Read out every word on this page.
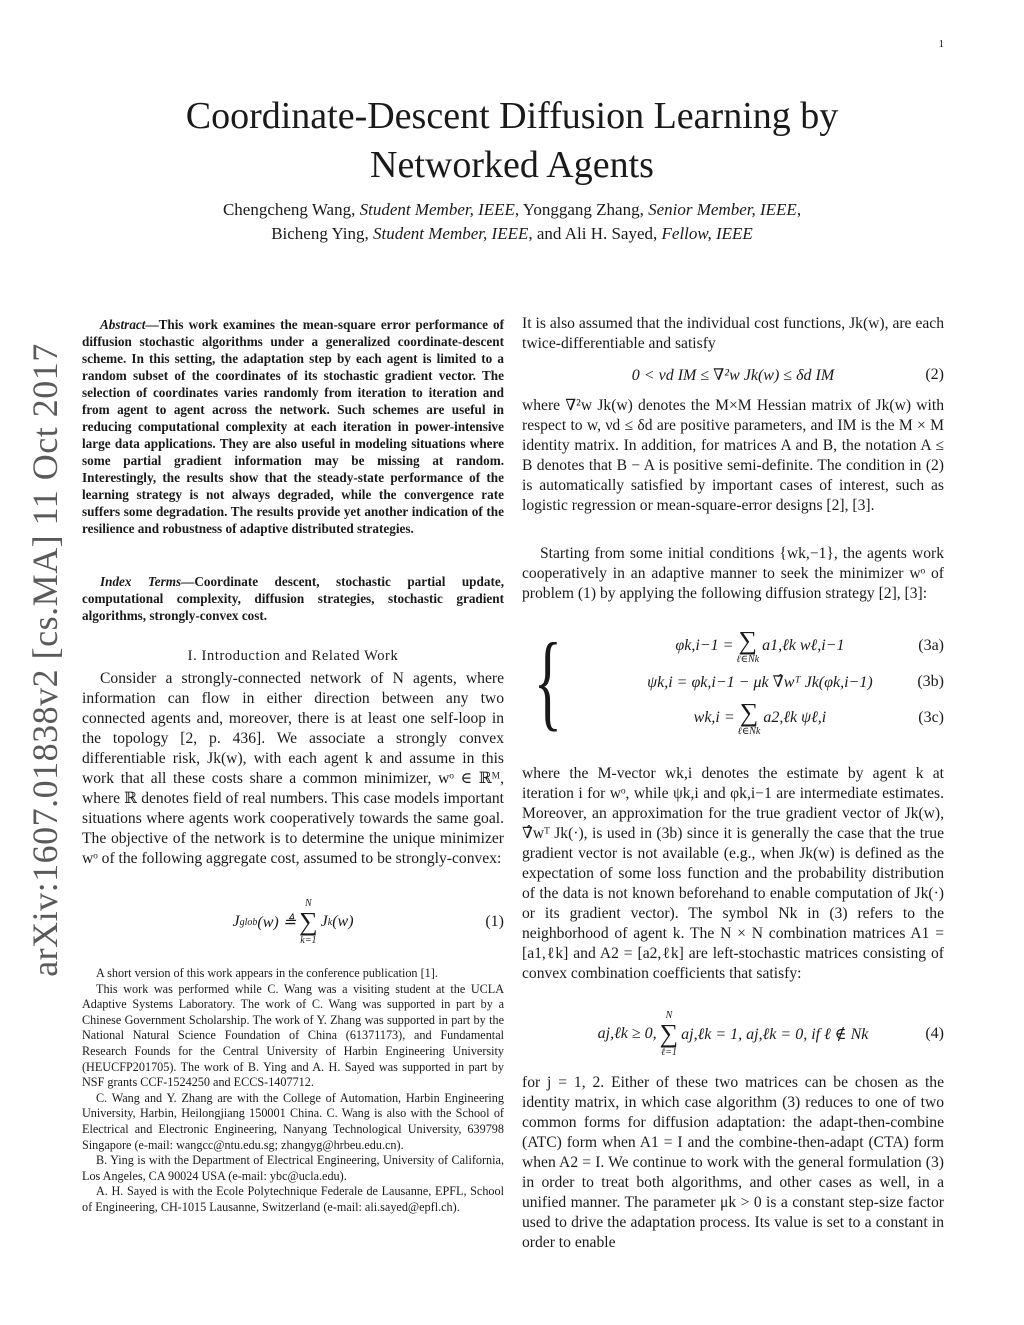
1
arXiv:1607.01838v2 [cs.MA] 11 Oct 2017
Coordinate-Descent Diffusion Learning by
Networked Agents
Chengcheng Wang, Student Member, IEEE, Yonggang Zhang, Senior Member, IEEE,
Bicheng Ying, Student Member, IEEE, and Ali H. Sayed, Fellow, IEEE
Abstract—This work examines the mean-square error performance of diffusion stochastic algorithms under a generalized coordinate-descent scheme. In this setting, the adaptation step by each agent is limited to a random subset of the coordinates of its stochastic gradient vector. The selection of coordinates varies randomly from iteration to iteration and from agent to agent across the network. Such schemes are useful in reducing computational complexity at each iteration in power-intensive large data applications. They are also useful in modeling situations where some partial gradient information may be missing at random. Interestingly, the results show that the steady-state performance of the learning strategy is not always degraded, while the convergence rate suffers some degradation. The results provide yet another indication of the resilience and robustness of adaptive distributed strategies.
Index Terms—Coordinate descent, stochastic partial update, computational complexity, diffusion strategies, stochastic gradient algorithms, strongly-convex cost.
I. Introduction and Related Work
Consider a strongly-connected network of N agents, where information can flow in either direction between any two connected agents and, moreover, there is at least one self-loop in the topology [2, p. 436]. We associate a strongly convex differentiable risk, Jk(w), with each agent k and assume in this work that all these costs share a common minimizer, wᵒ ∈ ℝᴹ, where ℝ denotes field of real numbers. This case models important situations where agents work cooperatively towards the same goal. The objective of the network is to determine the unique minimizer wᵒ of the following aggregate cost, assumed to be strongly-convex:
J glob (w) ≜
N
∑
k=1
J k (w)	(1)

A short version of this work appears in the conference publication [1].

This work was performed while C. Wang was a visiting student at the UCLA Adaptive Systems Laboratory. The work of C. Wang was supported in part by a Chinese Government Scholarship. The work of Y. Zhang was supported in part by the National Natural Science Foundation of China (61371173), and Fundamental Research Founds for the Central University of Harbin Engineering University (HEUCFP201705). The work of B. Ying and A. H. Sayed was supported in part by NSF grants CCF-1524250 and ECCS-1407712.

C. Wang and Y. Zhang are with the College of Automation, Harbin Engineering University, Harbin, Heilongjiang 150001 China. C. Wang is also with the School of Electrical and Electronic Engineering, Nanyang Technological University, 639798 Singapore (e-mail: wangcc@ntu.edu.sg; zhangyg@hrbeu.edu.cn).

B. Ying is with the Department of Electrical Engineering, University of California, Los Angeles, CA 90024 USA (e-mail: ybc@ucla.edu).

A. H. Sayed is with the Ecole Polytechnique Federale de Lausanne, EPFL, School of Engineering, CH-1015 Lausanne, Switzerland (e-mail: ali.sayed@epfl.ch).

It is also assumed that the individual cost functions, Jk(w), are each twice-differentiable and satisfy
0 < νd IM ≤ ∇²w Jk(w) ≤ δd IM	(2)
where ∇²w Jk(w) denotes the M×M Hessian matrix of Jk(w) with respect to w, νd ≤ δd are positive parameters, and IM is the M × M identity matrix. In addition, for matrices A and B, the notation A ≤ B denotes that B − A is positive semi-definite. The condition in (2) is automatically satisfied by important cases of interest, such as logistic regression or mean-square-error designs [2], [3].
Starting from some initial conditions {wk,−1}, the agents work cooperatively in an adaptive manner to seek the minimizer wᵒ of problem (1) by applying the following diffusion strategy [2], [3]:
{	φk,i−1 = ∑
ℓ∈Nk
a1,ℓk wℓ,i−1	(3a)
ψk,i = φk,i−1 − μk ∇̂wᵀ Jk(φk,i−1)	(3b)
wk,i = ∑
ℓ∈Nk
a2,ℓk ψℓ,i	(3c)
where the M-vector wk,i denotes the estimate by agent k at iteration i for wᵒ, while ψk,i and φk,i−1 are intermediate estimates. Moreover, an approximation for the true gradient vector of Jk(w), ∇̂wᵀ Jk(·), is used in (3b) since it is generally the case that the true gradient vector is not available (e.g., when Jk(w) is defined as the expectation of some loss function and the probability distribution of the data is not known beforehand to enable computation of Jk(·) or its gradient vector). The symbol Nk in (3) refers to the neighborhood of agent k. The N × N combination matrices A1 = [a1,ℓk] and A2 = [a2,ℓk] are left-stochastic matrices consisting of convex combination coefficients that satisfy:
aj,ℓk ≥ 0,
N
∑
ℓ=1
aj,ℓk = 1, aj,ℓk = 0, if ℓ ∉ Nk	(4)
for j = 1, 2. Either of these two matrices can be chosen as the identity matrix, in which case algorithm (3) reduces to one of two common forms for diffusion adaptation: the adapt-then-combine (ATC) form when A1 = I and the combine-then-adapt (CTA) form when A2 = I. We continue to work with the general formulation (3) in order to treat both algorithms, and other cases as well, in a unified manner. The parameter μk > 0 is a constant step-size factor used to drive the adaptation process. Its value is set to a constant in order to enable
